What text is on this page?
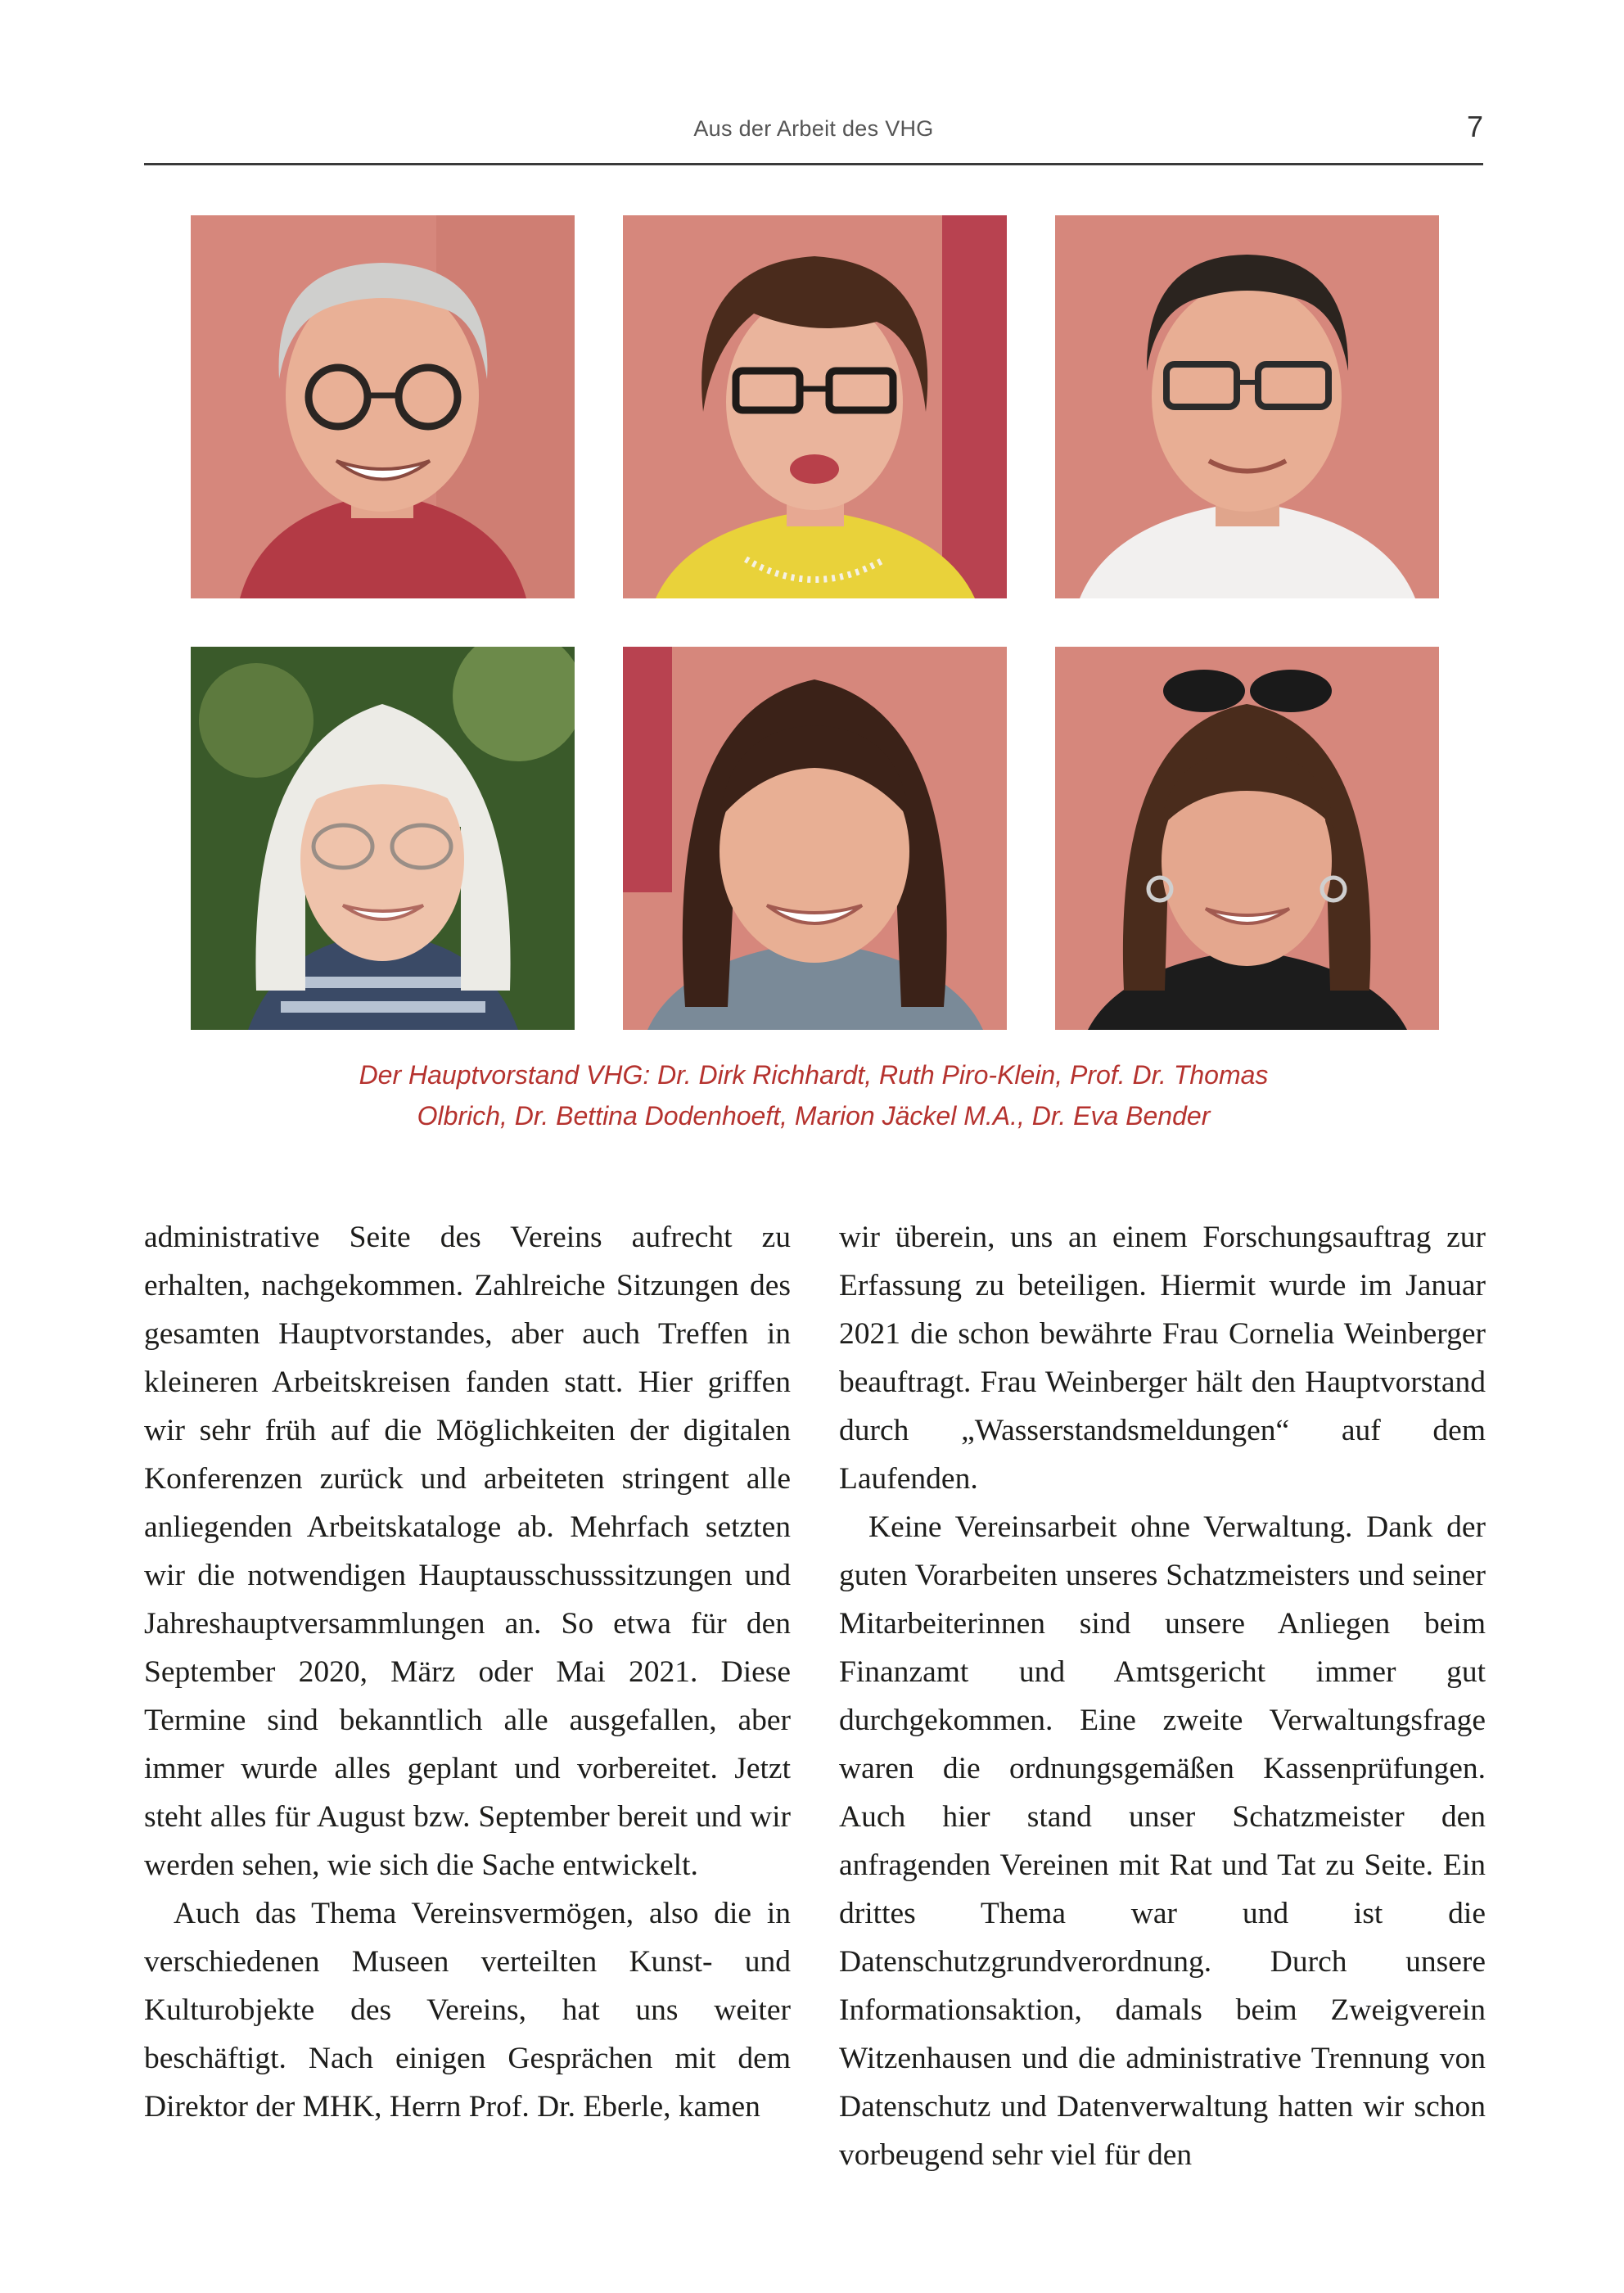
Aus der Arbeit des VHG	7

Der Hauptvorstand VHG: Dr. Dirk Richhardt, Ruth Piro-Klein, Prof. Dr. Thomas

Olbrich, Dr. Bettina Dodenhoeft, Marion Jäckel M.A., Dr. Eva Bender

administrative Seite des Vereins aufrecht zu erhalten, nachgekommen. Zahlreiche Sitzungen des gesamten Hauptvorstandes, aber auch Treffen in kleineren Arbeitskreisen fanden statt. Hier griffen wir sehr früh auf die Möglichkeiten der digitalen Konferenzen zurück und arbeiteten stringent alle anliegenden Arbeitskataloge ab. Mehrfach setzten wir die notwendigen Hauptausschusssitzungen und Jahreshauptversammlungen an. So etwa für den September 2020, März oder Mai 2021. Diese Termine sind bekanntlich alle ausgefallen, aber immer wurde alles geplant und vorbereitet. Jetzt steht alles für August bzw. September bereit und wir werden sehen, wie sich die Sache entwickelt.

Auch das Thema Vereinsvermögen, also die in verschiedenen Museen verteilten Kunst- und Kulturobjekte des Vereins, hat uns weiter beschäftigt. Nach einigen Gesprächen mit dem Direktor der MHK, Herrn Prof. Dr. Eberle, kamen

wir überein, uns an einem Forschungsauftrag zur Erfassung zu beteiligen. Hiermit wurde im Januar 2021 die schon bewährte Frau Cornelia Weinberger beauftragt. Frau Weinberger hält den Hauptvorstand durch „Wasserstandsmeldungen“ auf dem Laufenden.

Keine Vereinsarbeit ohne Verwaltung. Dank der guten Vorarbeiten unseres Schatzmeisters und seiner Mitarbeiterinnen sind unsere Anliegen beim Finanzamt und Amtsgericht immer gut durchgekommen. Eine zweite Verwaltungsfrage waren die ordnungsgemäßen Kassenprüfungen. Auch hier stand unser Schatzmeister den anfragenden Vereinen mit Rat und Tat zu Seite. Ein drittes Thema war und ist die Datenschutzgrundverordnung. Durch unsere Informationsaktion, damals beim Zweigverein Witzenhausen und die administrative Trennung von Datenschutz und Datenverwaltung hatten wir schon vorbeugend sehr viel für den
